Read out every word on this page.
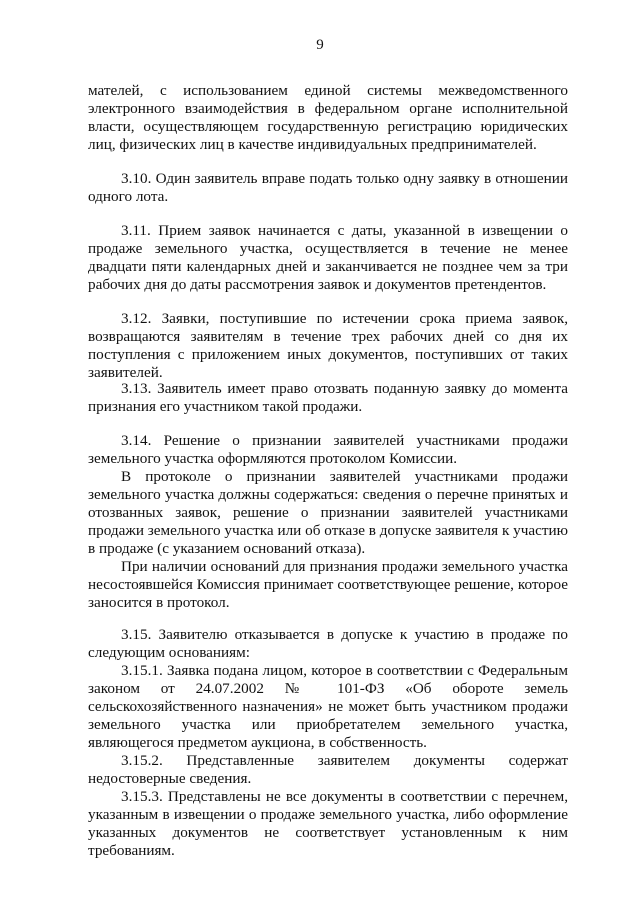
9

мателей, с использованием единой системы межведомственного электронного взаимодействия в федеральном органе исполнительной власти, осуществляющем государственную регистрацию юридических лиц, физических лиц в качестве индивидуальных предпринимателей.

3.10. Один заявитель вправе подать только одну заявку в отношении одного лота.

3.11. Прием заявок начинается с даты, указанной в извещении о продаже земельного участка, осуществляется в течение не менее двадцати пяти календарных дней и заканчивается не позднее чем за три рабочих дня до даты рассмотрения заявок и документов претендентов.

3.12. Заявки, поступившие по истечении срока приема заявок, возвращаются заявителям в течение трех рабочих дней со дня их поступления с приложением иных документов, поступивших от таких заявителей.

3.13. Заявитель имеет право отозвать поданную заявку до момента признания его участником такой продажи.

3.14. Решение о признании заявителей участниками продажи земельного участка оформляются протоколом Комиссии.

В протоколе о признании заявителей участниками продажи земельного участка должны содержаться: сведения о перечне принятых и отозванных заявок, решение о признании заявителей участниками продажи земельного участка или об отказе в допуске заявителя к участию в продаже (с указанием оснований отказа).

При наличии оснований для признания продажи земельного участка несостоявшейся Комиссия принимает соответствующее решение, которое заносится в протокол.

3.15. Заявителю отказывается в допуске к участию в продаже по следующим основаниям:

3.15.1. Заявка подана лицом, которое в соответствии с Федеральным законом от 24.07.2002 № 101-ФЗ «Об обороте земель сельскохозяйственного назначения» не может быть участником продажи земельного участка или приобретателем земельного участка, являющегося предметом аукциона, в собственность.

3.15.2. Представленные заявителем документы содержат недостоверные сведения.

3.15.3. Представлены не все документы в соответствии с перечнем, указанным в извещении о продаже земельного участка, либо оформление указанных документов не соответствует установленным к ним требованиям.
